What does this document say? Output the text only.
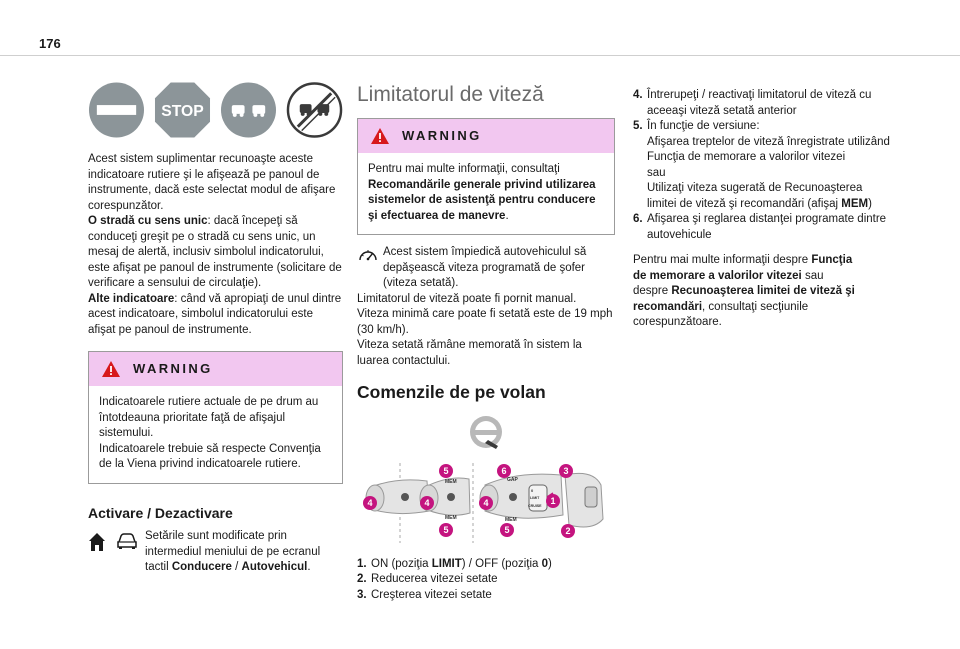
176
STOP

Acest sistem suplimentar recunoaşte aceste indicatoare rutiere şi le afişează pe panoul de instrumente, dacă este selectat modul de afişare corespunzător.

O stradă cu sens unic: dacă începeţi să conduceţi greşit pe o stradă cu sens unic, un mesaj de alertă, inclusiv simbolul indicatorului, este afişat pe panoul de instrumente (solicitare de verificare a sensului de circulaţie).

Alte indicatoare: când vă apropiaţi de unul dintre acest indicatoare, simbolul indicatorului este afişat pe panoul de instrumente.

WARNING

Indicatoarele rutiere actuale de pe drum au întotdeauna prioritate faţă de afişajul sistemului.

Indicatoarele trebuie să respecte Convenţia de la Viena privind indicatoarele rutiere.

Activare / Dezactivare

Setările sunt modificate prin intermediul meniului de pe ecranul tactil Conducere / Autovehicul.

Limitatorul de viteză
WARNING

Pentru mai multe informaţii, consultaţi Recomandările generale privind utilizarea sistemelor de asistenţă pentru conducere şi efectuarea de manevre.

Acest sistem împiedică autovehiculul să depăşească viteza programată de şofer (viteza setată).

Limitatorul de viteză poate fi pornit manual.

Viteza minimă care poate fi setată este de 19 mph (30 km/h).

Viteza setată rămâne memorată în sistem la luarea contactului.

Comenzile de pe volan
MEM
MEM
GAP
0
LIMIT
CRUISE
MEM
4	4
5
5
4
6
5
1
3
2
1. ON (poziţia LIMIT) / OFF (poziţia 0)
2. Reducerea vitezei setate
3. Creşterea vitezei setate
4. Întrerupeţi / reactivaţi limitatorul de viteză cu aceeaşi viteză setată anterior
5. În funcţie de versiune:
Afişarea treptelor de viteză înregistrate utilizând Funcţia de memorare a valorilor vitezei
sau
Utilizaţi viteza sugerată de Recunoaşterea limitei de viteză şi recomandări (afişaj MEM)
6. Afişarea şi reglarea distanţei programate dintre autovehicule

Pentru mai multe informaţii despre Funcţia de memorare a valorilor vitezei sau despre Recunoaşterea limitei de viteză şi recomandări, consultaţi secţiunile corespunzătoare.
